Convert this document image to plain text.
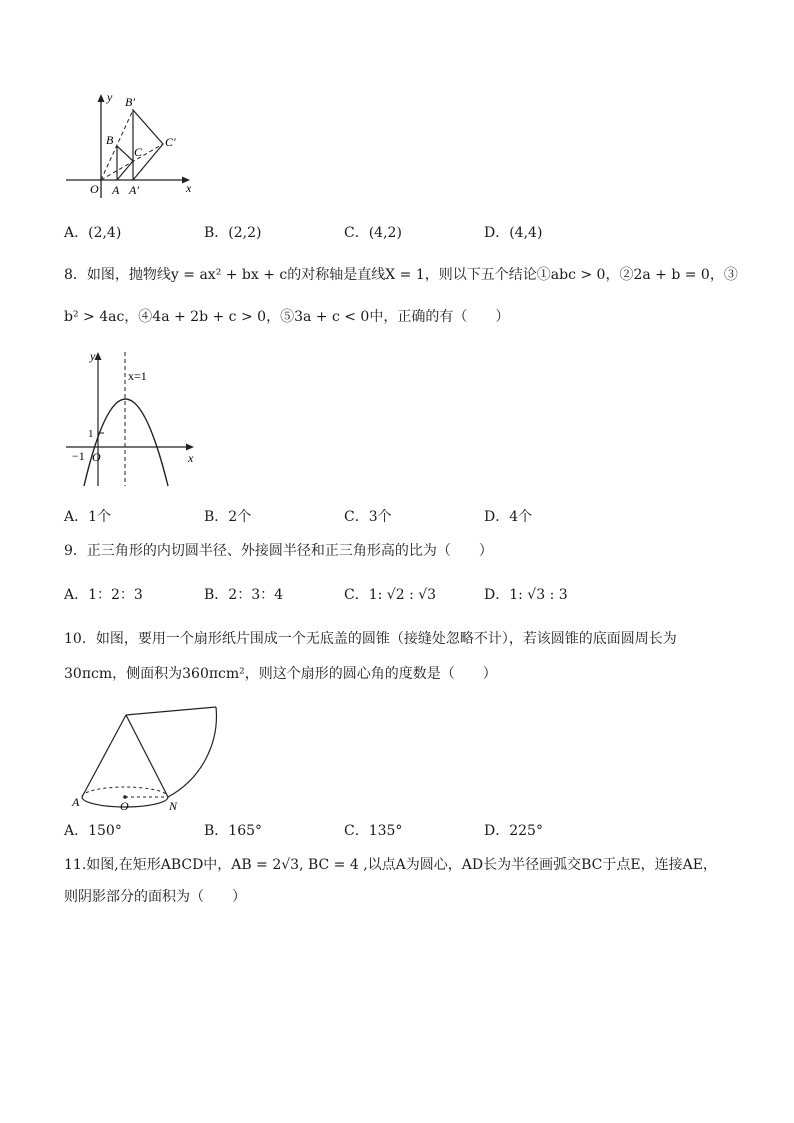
y
x
O A A′
B
B′
C
C′
A．(2,4)	B．(2,2)	C．(4,2)	D．(4,4)
8．如图，抛物线y = ax² + bx + c的对称轴是直线X = 1，则以下五个结论①abc > 0，②2a + b = 0，③
b² > 4ac，④4a + 2b + c > 0，⑤3a + c < 0中，正确的有（　　）
y
x
x=1
1
−1 O
A．1个	B．2个	C．3个	D．4个
9．正三角形的内切圆半径、外接圆半径和正三角形高的比为（　　）
A．1：2：3	B．2：3：4	C．1: √2 : √3	D．1: √3 : 3
10．如图，要用一个扇形纸片围成一个无底盖的圆锥（接缝处忽略不计），若该圆锥的底面圆周长为
30πcm，侧面积为360πcm²，则这个扇形的圆心角的度数是（　　）
A	O	N
A．150°	B．165°	C．135°	D．225°
11.如图,在矩形ABCD中，AB = 2√3, BC = 4 ,以点A为圆心，AD长为半径画弧交BC于点E，连接AE，
则阴影部分的面积为（　　）
